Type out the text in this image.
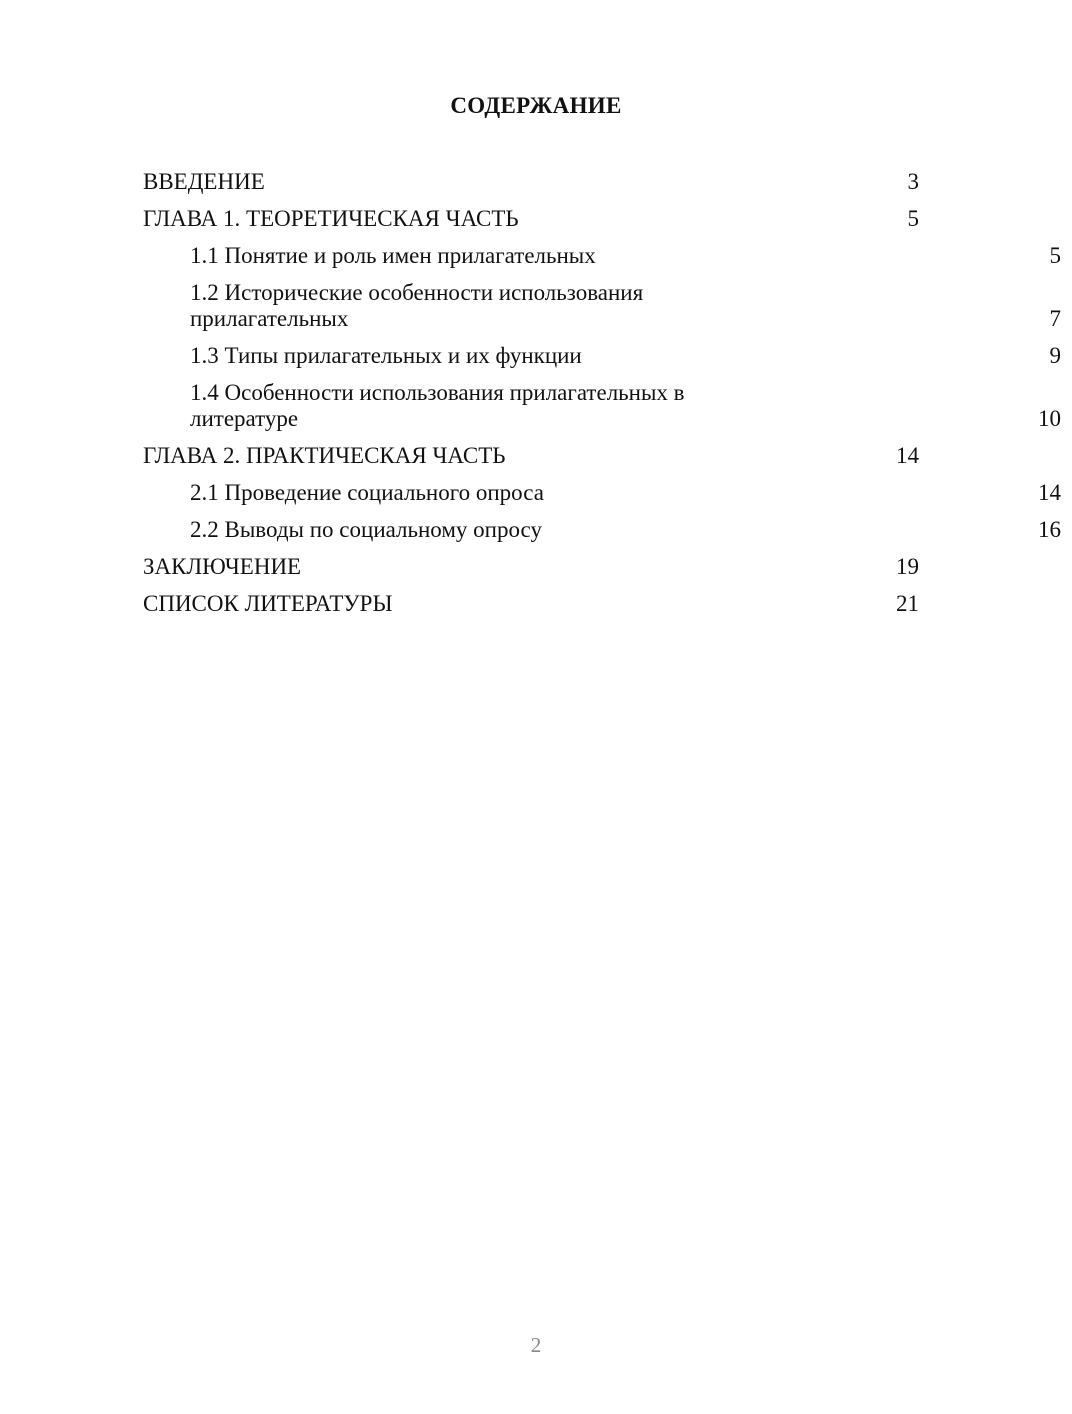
СОДЕРЖАНИЕ
ВВЕДЕНИЕ	3
ГЛАВА 1. ТЕОРЕТИЧЕСКАЯ ЧАСТЬ	5
1.1 Понятие и роль имен прилагательных	5
1.2 Исторические особенности использования прилагательных	7
1.3 Типы прилагательных и их функции	9
1.4 Особенности использования прилагательных в литературе	10
ГЛАВА 2. ПРАКТИЧЕСКАЯ ЧАСТЬ	14
2.1 Проведение социального опроса	14
2.2 Выводы по социальному опросу	16
ЗАКЛЮЧЕНИЕ	19
СПИСОК ЛИТЕРАТУРЫ	21
2
